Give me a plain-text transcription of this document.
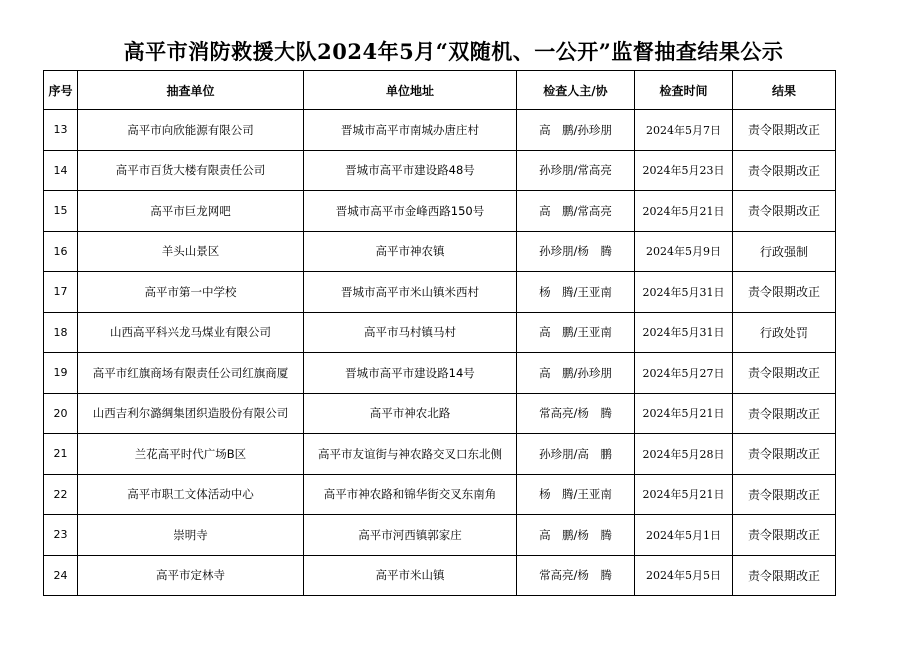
高平市消防救援大队2024年5月“双随机、一公开”监督抽查结果公示
序号	抽查单位	单位地址	检查人主/协	检查时间	结果
13	高平市向欣能源有限公司	晋城市高平市南城办唐庄村	高　鹏/孙珍朋	2024年5月7日	责令限期改正
14	高平市百货大楼有限责任公司	晋城市高平市建设路48号	孙珍朋/常高亮	2024年5月23日	责令限期改正
15	高平市巨龙网吧	晋城市高平市金峰西路150号	高　鹏/常高亮	2024年5月21日	责令限期改正
16	羊头山景区	高平市神农镇	孙珍朋/杨　腾	2024年5月9日	行政强制
17	高平市第一中学校	晋城市高平市米山镇米西村	杨　腾/王亚南	2024年5月31日	责令限期改正
18	山西高平科兴龙马煤业有限公司	高平市马村镇马村	高　鹏/王亚南	2024年5月31日	行政处罚
19	高平市红旗商场有限责任公司红旗商厦	晋城市高平市建设路14号	高　鹏/孙珍朋	2024年5月27日	责令限期改正
20	山西吉利尔潞绸集团织造股份有限公司	高平市神农北路	常高亮/杨　腾	2024年5月21日	责令限期改正
21	兰花高平时代广场B区	高平市友谊街与神农路交叉口东北侧	孙珍朋/高　鹏	2024年5月28日	责令限期改正
22	高平市职工文体活动中心	高平市神农路和锦华街交叉东南角	杨　腾/王亚南	2024年5月21日	责令限期改正
23	崇明寺	高平市河西镇郭家庄	高　鹏/杨　腾	2024年5月1日	责令限期改正
24	高平市定林寺	高平市米山镇	常高亮/杨　腾	2024年5月5日	责令限期改正
